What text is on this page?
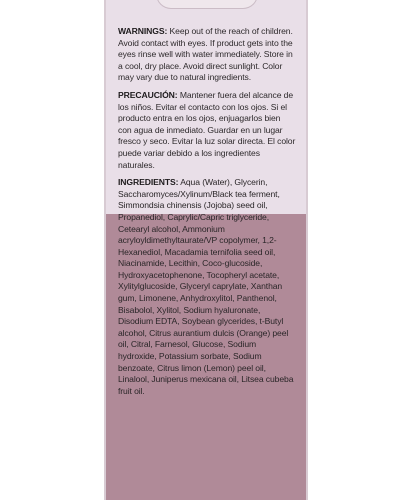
WARNINGS: Keep out of the reach of children. Avoid contact with eyes. If product gets into the eyes rinse well with water immediately. Store in a cool, dry place. Avoid direct sunlight. Color may vary due to natural ingredients.

PRECAUCIÓN: Mantener fuera del alcance de los niños. Evitar el contacto con los ojos. Si el producto entra en los ojos, enjuagarlos bien con agua de inmediato. Guardar en un lugar fresco y seco. Evitar la luz solar directa. El color puede variar debido a los ingredientes naturales.

INGREDIENTS: Aqua (Water), Glycerin, Saccharomyces/Xylinum/Black tea ferment, Simmondsia chinensis (Jojoba) seed oil, Propanediol, Caprylic/Capric triglyceride, Cetearyl alcohol, Ammonium acryloyldimethyltaurate/VP copolymer, 1,2-Hexanediol, Macadamia ternifolia seed oil, Niacinamide, Lecithin, Coco-glucoside, Hydroxyacetophenone, Tocopheryl acetate, Xylitylglucoside, Glyceryl caprylate, Xanthan gum, Limonene, Anhydroxylitol, Panthenol, Bisabolol, Xylitol, Sodium hyaluronate, Disodium EDTA, Soybean glycerides, t-Butyl alcohol, Citrus aurantium dulcis (Orange) peel oil, Citral, Farnesol, Glucose, Sodium hydroxide, Potassium sorbate, Sodium benzoate, Citrus limon (Lemon) peel oil, Linalool, Juniperus mexicana oil, Litsea cubeba fruit oil.
